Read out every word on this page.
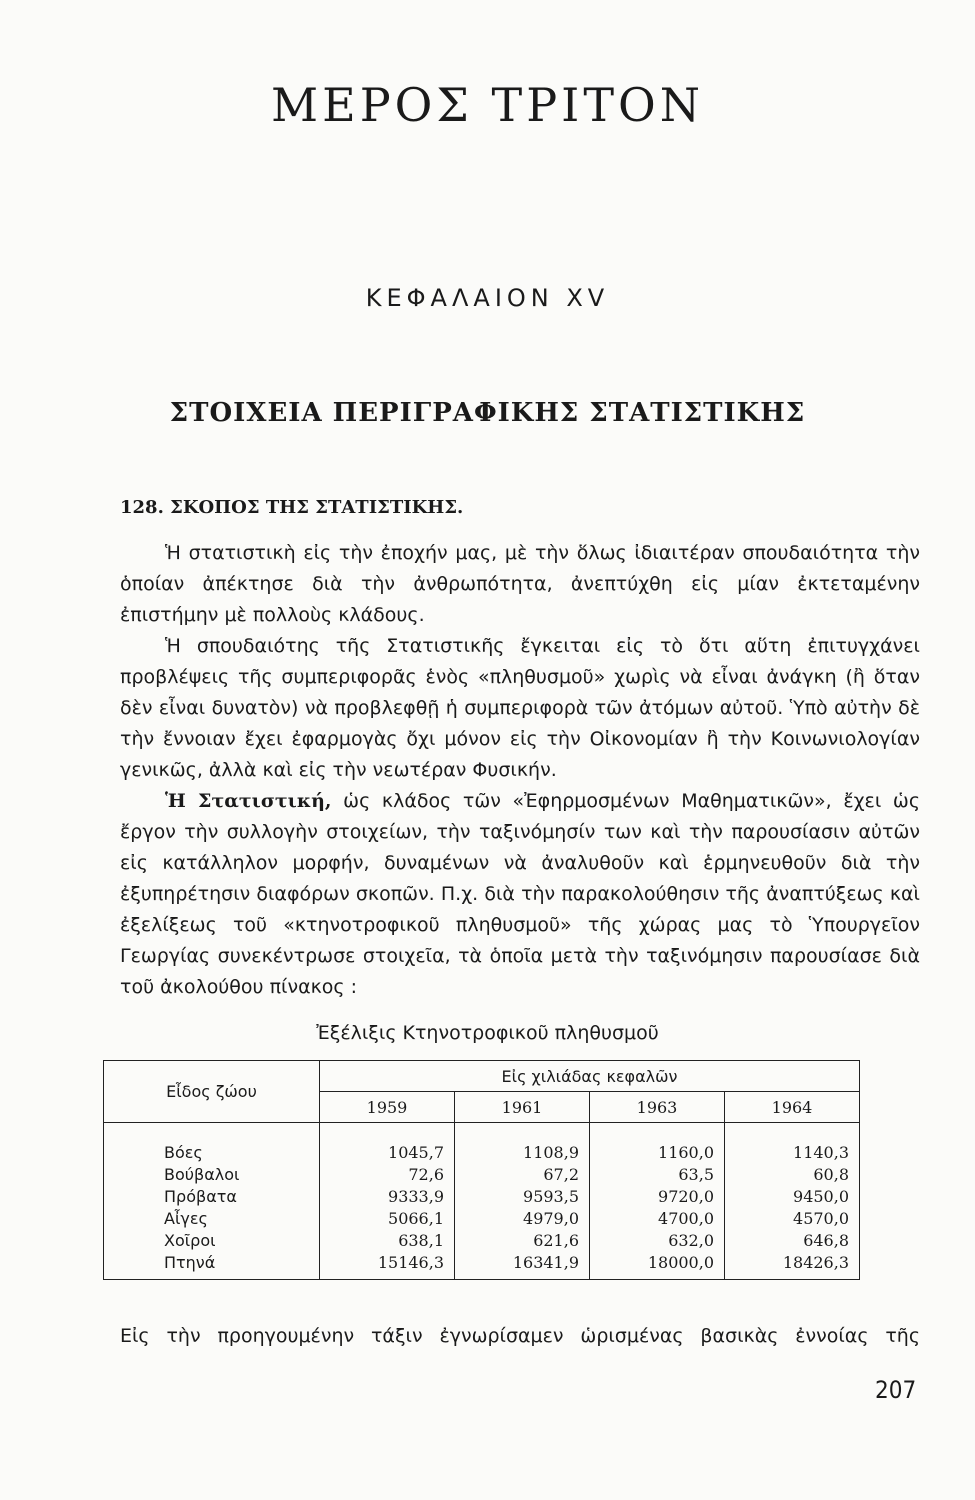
ΜΕΡΟΣ ΤΡΙΤΟΝ
ΚΕΦΑΛΑΙΟΝ XV
ΣΤΟΙΧΕΙΑ ΠΕΡΙΓΡΑΦΙΚΗΣ ΣΤΑΤΙΣΤΙΚΗΣ
128. ΣΚΟΠΟΣ ΤΗΣ ΣΤΑΤΙΣΤΙΚΗΣ.

Ἡ στατιστικὴ εἰς τὴν ἐποχήν μας, μὲ τὴν ὅλως ἰδιαιτέραν σπουδαιότητα τὴν ὁποίαν ἀπέκτησε διὰ τὴν ἀνθρωπότητα, ἀνεπτύχθη εἰς μίαν ἐκτεταμένην ἐπιστήμην μὲ πολλοὺς κλάδους.

Ἡ σπουδαιότης τῆς Στατιστικῆς ἔγκειται εἰς τὸ ὅτι αὕτη ἐπιτυγχάνει προβλέψεις τῆς συμπεριφορᾶς ἑνὸς «πληθυσμοῦ» χωρὶς νὰ εἶναι ἀνάγκη (ἢ ὅταν δὲν εἶναι δυνατὸν) νὰ προβλεφθῇ ἡ συμπεριφορὰ τῶν ἀτόμων αὐτοῦ. Ὑπὸ αὐτὴν δὲ τὴν ἔννοιαν ἔχει ἐφαρμογὰς ὄχι μόνον εἰς τὴν Οἰκονομίαν ἢ τὴν Κοινωνιολογίαν γενικῶς, ἀλλὰ καὶ εἰς τὴν νεωτέραν Φυσικήν.

Ἡ Στατιστική, ὡς κλάδος τῶν «Ἐφηρμοσμένων Μαθηματικῶν», ἔχει ὡς ἔργον τὴν συλλογὴν στοιχείων, τὴν ταξινόμησίν των καὶ τὴν παρουσίασιν αὐτῶν εἰς κατάλληλον μορφήν, δυναμένων νὰ ἀναλυθοῦν καὶ ἑρμηνευθοῦν διὰ τὴν ἐξυπηρέτησιν διαφόρων σκοπῶν. Π.χ. διὰ τὴν παρακολούθησιν τῆς ἀναπτύξεως καὶ ἐξελίξεως τοῦ «κτηνοτροφικοῦ πληθυσμοῦ» τῆς χώρας μας τὸ Ὑπουργεῖον Γεωργίας συνεκέντρωσε στοιχεῖα, τὰ ὁποῖα μετὰ τὴν ταξινόμησιν παρουσίασε διὰ τοῦ ἀκολούθου πίνακος :

Ἐξέλιξις Κτηνοτροφικοῦ πληθυσμοῦ

Εἶδος ζώου	Εἰς χιλιάδας κεφαλῶν			
	1959	1961	1963	1964
Βόες	1045,7	1108,9	1160,0	1140,3
Βούβαλοι	72,6	67,2	63,5	60,8
Πρόβατα	9333,9	9593,5	9720,0	9450,0
Αἶγες	5066,1	4979,0	4700,0	4570,0
Χοῖροι	638,1	621,6	632,0	646,8
Πτηνά	15146,3	16341,9	18000,0	18426,3

Εἰς τὴν προηγουμένην τάξιν ἐγνωρίσαμεν ὡρισμένας βασικὰς ἐννοίας τῆς

207
